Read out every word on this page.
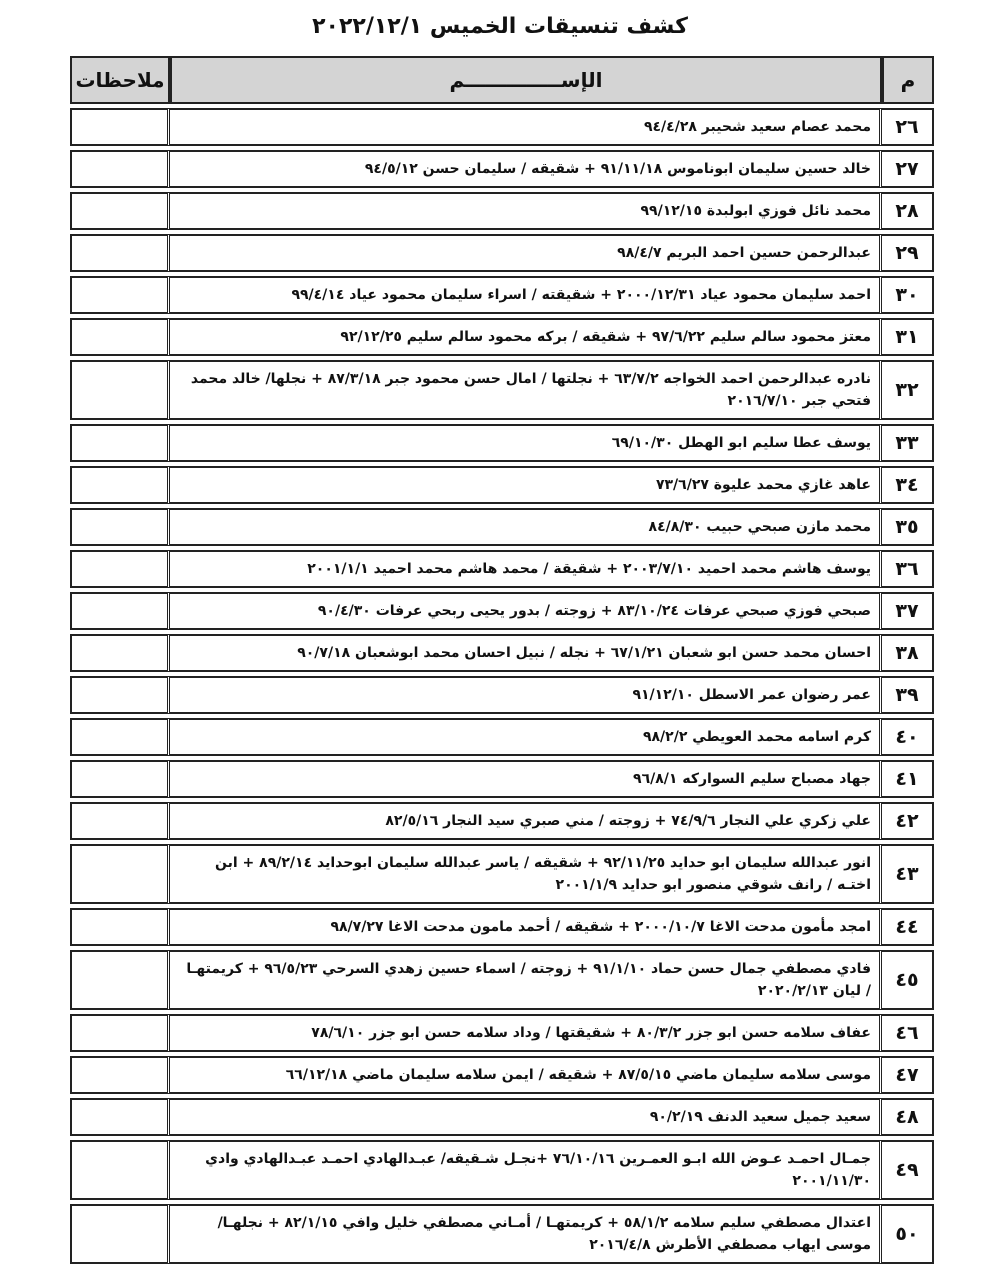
كشف تنسيقات الخميس ٢٠٢٢/١٢/١
م	الإســــــــــــــم	ملاحظات
٢٦	محمد عصام سعيد شحيبر ٩٤/٤/٢٨	
٢٧	خالد حسين سليمان ابوناموس ٩١/١١/١٨ + شقيقه / سليمان حسن ٩٤/٥/١٢	
٢٨	محمد نائل فوزي ابولبدة ٩٩/١٢/١٥	
٢٩	عبدالرحمن حسين احمد البريم ٩٨/٤/٧	
٣٠	احمد سليمان محمود عياد ٢٠٠٠/١٢/٣١ + شقيقته / اسراء سليمان محمود عياد ٩٩/٤/١٤	
٣١	معتز محمود سالم سليم ٩٧/٦/٢٢ + شقيقه / بركه محمود سالم سليم ٩٢/١٢/٢٥	
٣٢	نادره عبدالرحمن احمد الخواجه ٦٣/٧/٢ + نجلتها / امال حسن محمود جبر ٨٧/٣/١٨ + نجلها/ خالد محمد فتحي جبر ٢٠١٦/٧/١٠	
٣٣	يوسف عطا سليم ابو الهطل ٦٩/١٠/٣٠	
٣٤	عاهد غازي محمد عليوة ٧٣/٦/٢٧	
٣٥	محمد مازن صبحي حبيب ٨٤/٨/٣٠	
٣٦	يوسف هاشم محمد احميد ٢٠٠٣/٧/١٠ + شقيقة / محمد هاشم محمد احميد ٢٠٠١/١/١	
٣٧	صبحي فوزي صبحي عرفات ٨٣/١٠/٢٤ + زوجته / بدور يحيى ربحي عرفات ٩٠/٤/٣٠	
٣٨	احسان محمد حسن ابو شعبان ٦٧/١/٢١ + نجله / نبيل احسان محمد ابوشعبان ٩٠/٧/١٨	
٣٩	عمر رضوان عمر الاسطل ٩١/١٢/١٠	
٤٠	كرم اسامه محمد العويطي ٩٨/٢/٢	
٤١	جهاد مصباح سليم السواركه ٩٦/٨/١	
٤٢	علي زكري علي النجار ٧٤/٩/٦ + زوجته / مني صبري سيد النجار ٨٢/٥/١٦	
٤٣	انور عبدالله سليمان ابو حدايد ٩٢/١١/٢٥ + شقيقه / ياسر عبدالله سليمان ابوحدايد ٨٩/٢/١٤ + ابن اختـه / رانف شوقي منصور ابو حدايد ٢٠٠١/١/٩	
٤٤	امجد مأمون مدحت الاغا ٢٠٠٠/١٠/٧ + شقيقه / أحمد مامون مدحت الاغا ٩٨/٧/٢٧	
٤٥	فادي مصطفي جمال حسن حماد ٩١/١/١٠ + زوجته / اسماء حسين زهدي السرحي ٩٦/٥/٢٣ + كريمتهـا / ليان ٢٠٢٠/٢/١٣	
٤٦	عفاف سلامه حسن ابو جزر ٨٠/٣/٢ + شقيقتها / وداد سلامه حسن ابو جزر ٧٨/٦/١٠	
٤٧	موسى سلامه سليمان ماضي ٨٧/٥/١٥ + شقيقه / ايمن سلامه سليمان ماضي ٦٦/١٢/١٨	
٤٨	سعيد جميل سعيد الدنف ٩٠/٢/١٩	
٤٩	جمـال احمـد عـوض الله ابـو العمـرين ٧٦/١٠/١٦ +نجـل شـقيقه/ عبـدالهادي احمـد عبـدالهادي وادي ٢٠٠١/١١/٣٠	
٥٠	اعتدال مصطفي سليم سلامه ٥٨/١/٢ + كريمتهـا / أمـاني مصطفي خليل وافي ٨٢/١/١٥ + نجلهـا/ موسى ايهاب مصطفي الأطرش ٢٠١٦/٤/٨	
